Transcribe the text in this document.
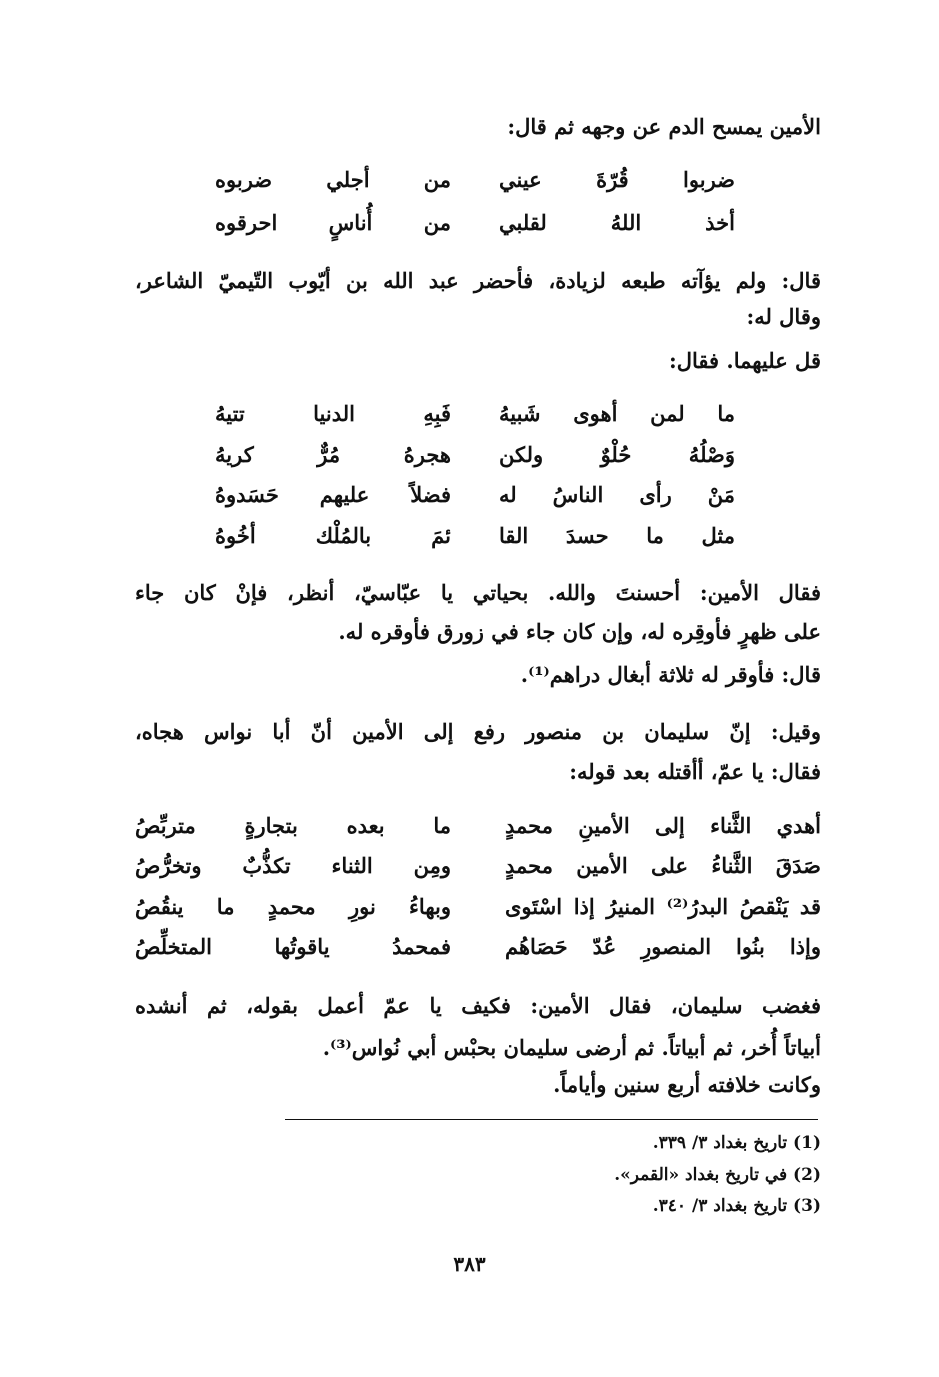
الأمين يمسح الدم عن وجهه ثم قال:
ضربوا قُرّةَ عيني
من أجلي ضربوه
أخذ اللهُ لقلبي
من أُناسٍ احرقوه
قال: ولم يؤآته طبعه لزيادة، فأحضر عبد الله بن أيّوب التّيميّ الشاعر،
وقال له:
قل عليهما. فقال:
ما لمن أهوى شَبيهُ
فَبِهِ الدنيا تتيهُ
وَصْلُهُ حُلْوٌ ولكن
هجرهُ مُرٌّ كريهُ
مَنْ رأى الناسُ له
فضلاً عليهم حَسَدوهُ
مثل ما حسدَ القا
ئمَ بالمُلْك أخُوهُ
فقال الأمين: أحسنتَ والله. بحياتي يا عبّاسيّ، أنظر، فإنْ كان جاء
على ظهرٍ فأوقِره له، وإن كان جاء في زورق فأوقره له.
قال: فأوقر له ثلاثة أبغال دراهم⁽¹⁾.
وقيل: إنّ سليمان بن منصور رفع إلى الأمين أنّ أبا نواس هجاه،
فقال: يا عمّ، أأقتله بعد قوله:
أهدي الثَّناء إلى الأمينِ محمدٍ
ما بعده بتجارةٍ متربِّصُ
صَدَقَ الثَّناءُ على الأمين محمدٍ
ومِن الثناء تكذُّبٌ وتخرُّصُ
قد يَنْقصُ البدرُ⁽²⁾ المنيرُ إذا اسْتَوى
وبهاءُ نورِ محمدٍ ما ينقُصُ
وإذا بنُوا المنصورِ عُدّ حَصَاهُم
فمحمدُ ياقوتُها المتخلِّصُ
فغضب سليمان، فقال الأمين: فكيف يا عمّ أعمل بقوله، ثم أنشده
أبياتاً أُخر، ثم أبياتاً. ثم أرضى سليمان بحبْس أبي نُواس⁽³⁾.
وكانت خلافته أربع سنين وأياماً.
(1) تاريخ بغداد ٣/ ٣٣٩.
(2) في تاريخ بغداد «القمر».
(3) تاريخ بغداد ٣/ ٣٤٠.
٣٨٣
